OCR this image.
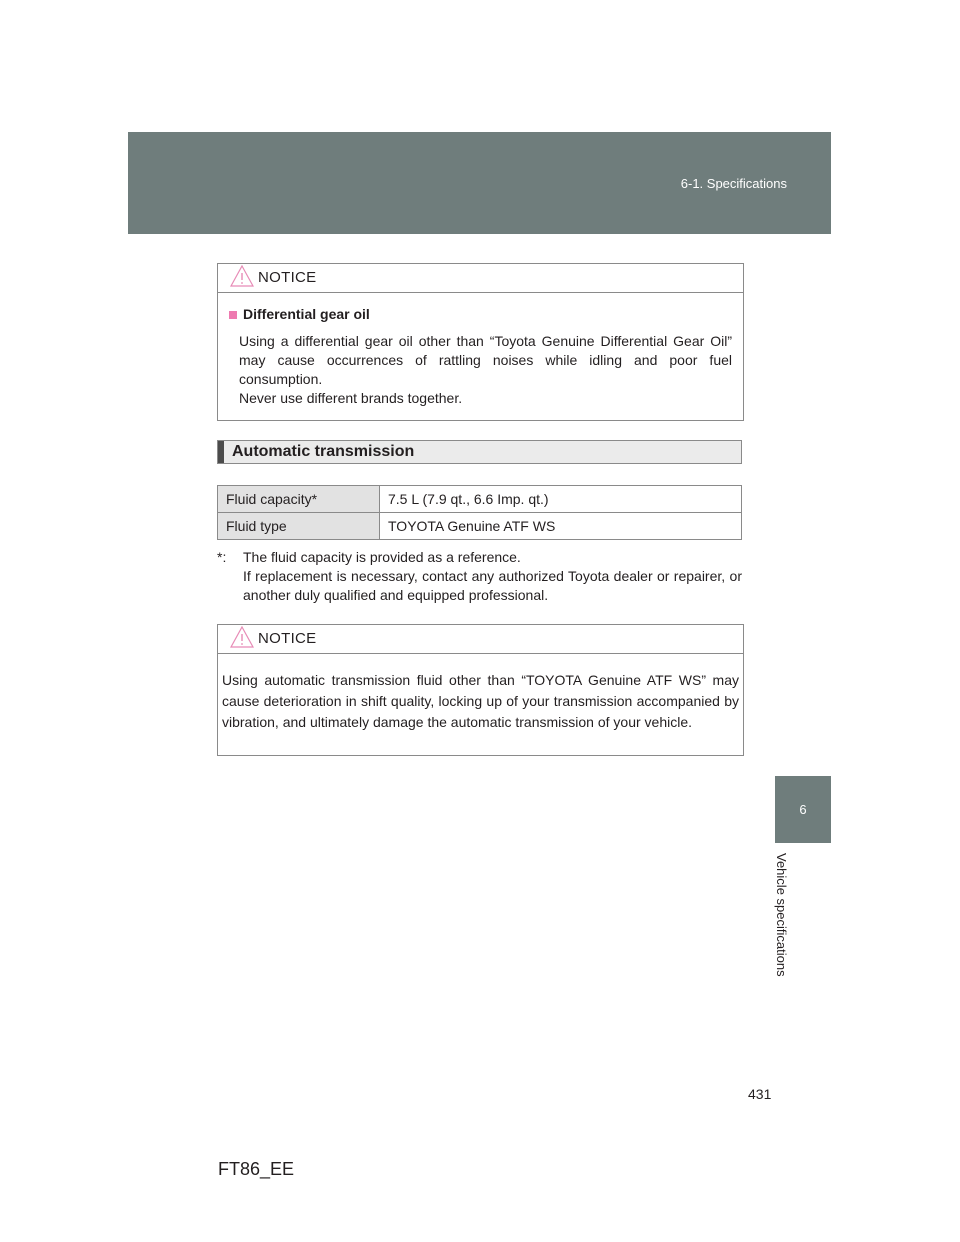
6-1. Specifications
6
Vehicle specifications
NOTICE
Differential gear oil
Using a differential gear oil other than “Toyota Genuine Differential Gear Oil” may cause occurrences of rattling noises while idling and poor fuel consumption.
Never use different brands together.
Automatic transmission
Fluid capacity*	7.5 L (7.9 qt., 6.6 Imp. qt.)
Fluid type	TOYOTA Genuine ATF WS
*:	The fluid capacity is provided as a reference.
If replacement is necessary, contact any authorized Toyota dealer or repairer, or another duly qualified and equipped professional.
NOTICE
Using automatic transmission fluid other than “TOYOTA Genuine ATF WS” may cause deterioration in shift quality, locking up of your transmission accompanied by vibration, and ultimately damage the automatic transmission of your vehicle.
431
FT86_EE
